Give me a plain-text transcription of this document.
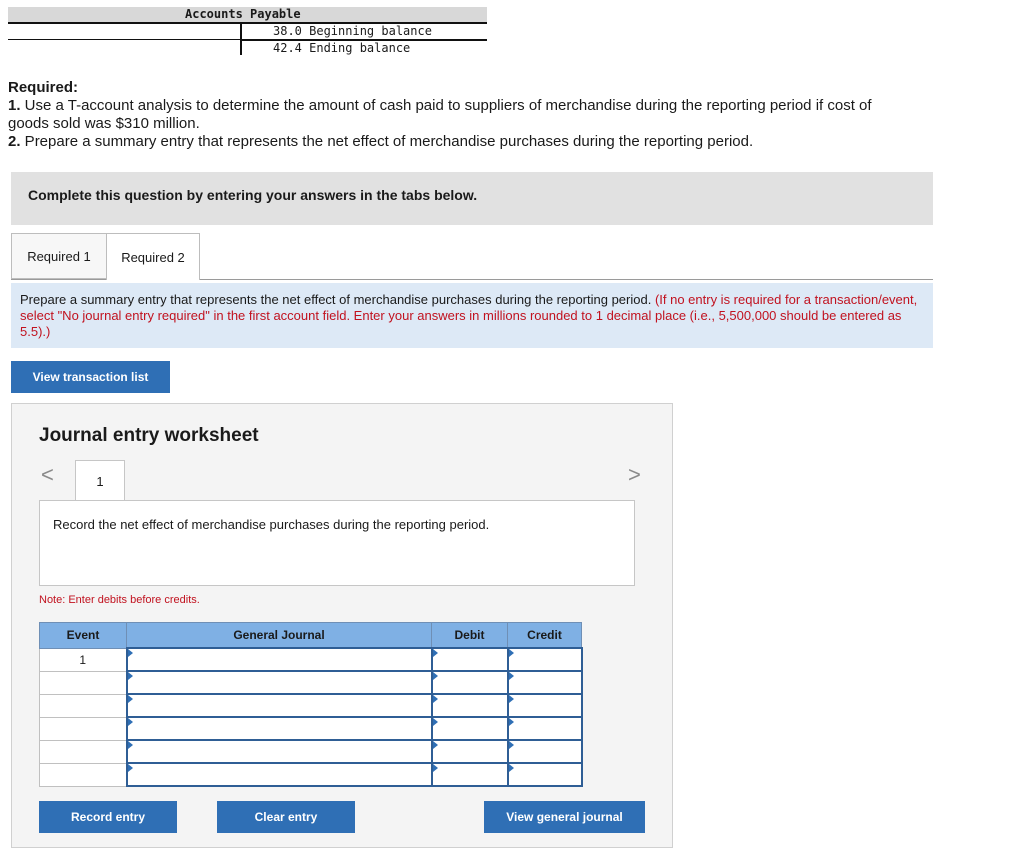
Accounts Payable
38.0 Beginning balance
42.4 Ending balance
Required:
1. Use a T-account analysis to determine the amount of cash paid to suppliers of merchandise during the reporting period if cost of
goods sold was $310 million.
2. Prepare a summary entry that represents the net effect of merchandise purchases during the reporting period.
Complete this question by entering your answers in the tabs below.
Required 1	Required 2

Prepare a summary entry that represents the net effect of merchandise purchases during the reporting period. (If no entry is required for a transaction/event, select "No journal entry required" in the first account field. Enter your answers in millions rounded to 1 decimal place (i.e., 5,500,000 should be entered as 5.5).)

View transaction list
Journal entry worksheet
<	>
1
Record the net effect of merchandise purchases during the reporting period.
Note: Enter debits before credits.
Event	General Journal	Debit	Credit
1			

Record entry	Clear entry	View general journal
